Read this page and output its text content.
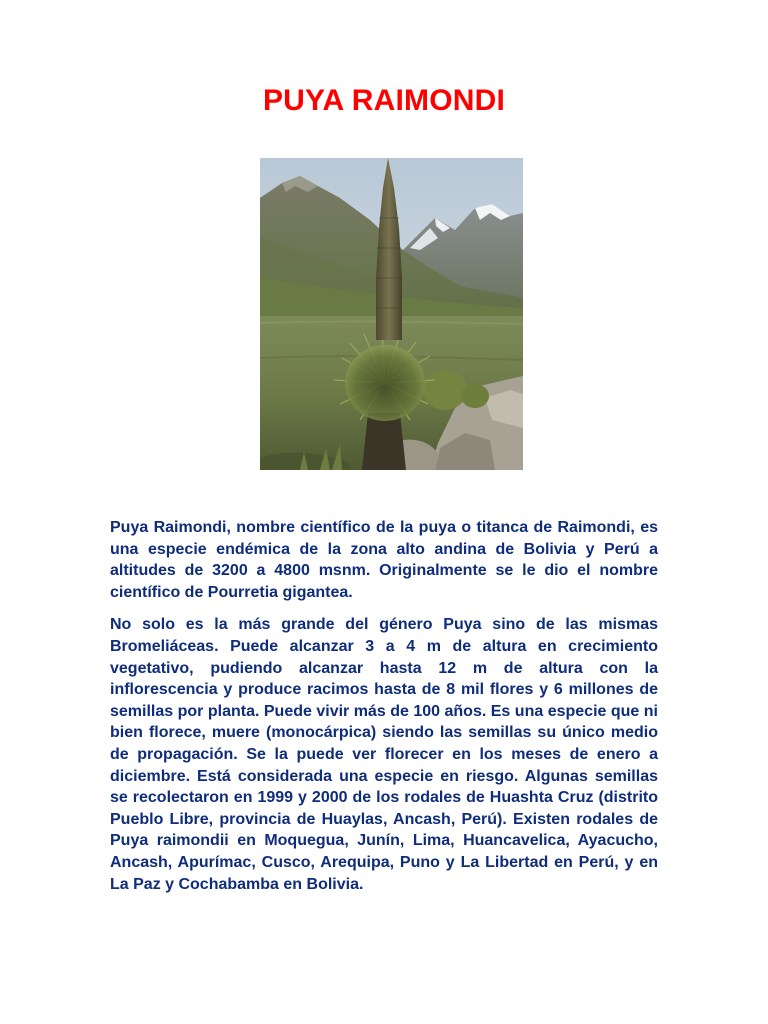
PUYA RAIMONDI

Puya Raimondi, nombre científico de la puya o titanca de Raimondi, es una especie endémica de la zona alto andina de Bolivia y Perú a altitudes de 3200 a 4800 msnm. Originalmente se le dio el nombre científico de Pourretia gigantea.

No solo es la más grande del género Puya sino de las mismas Bromeliáceas. Puede alcanzar 3 a 4 m de altura en crecimiento vegetativo, pudiendo alcanzar hasta 12 m de altura con la inflorescencia y produce racimos hasta de 8 mil flores y 6 millones de semillas por planta. Puede vivir más de 100 años. Es una especie que ni bien florece, muere (monocárpica) siendo las semillas su único medio de propagación. Se la puede ver florecer en los meses de enero a diciembre. Está considerada una especie en riesgo. Algunas semillas se recolectaron en 1999 y 2000 de los rodales de Huashta Cruz (distrito Pueblo Libre, provincia de Huaylas, Ancash, Perú). Existen rodales de Puya raimondii en Moquegua, Junín, Lima, Huancavelica, Ayacucho, Ancash, Apurímac, Cusco, Arequipa, Puno y La Libertad en Perú, y en La Paz y Cochabamba en Bolivia.
